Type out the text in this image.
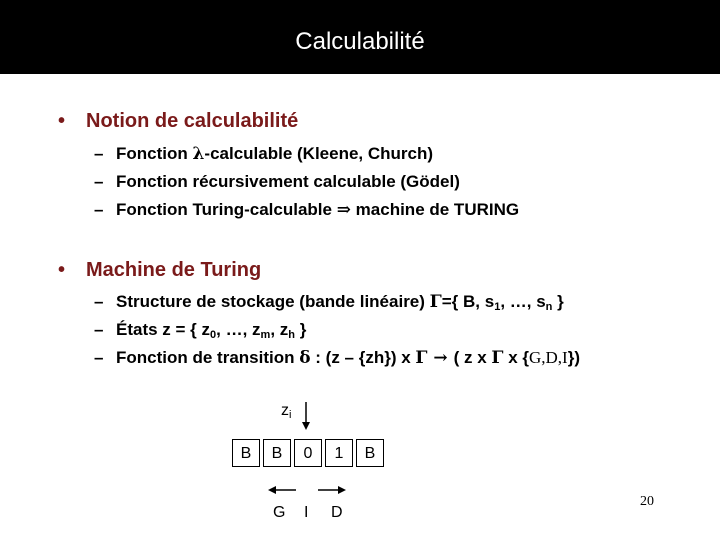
Calculabilité
• Notion de calculabilité
– Fonction λ-calculable (Kleene, Church)
– Fonction récursivement calculable (Gödel)
– Fonction Turing-calculable ⇒ machine de TURING
• Machine de Turing
– Structure de stockage (bande linéaire) Γ={ B, $s_1$, …, $s_n$ }
– États z = { $z_0$, …, $z_m$, $z_h$ }
– Fonction de transition δ : (z – {zh}) x Γ → ( z x Γ x {G,D,I})
$z_i$
B	B	0	1	B
G I D
20
